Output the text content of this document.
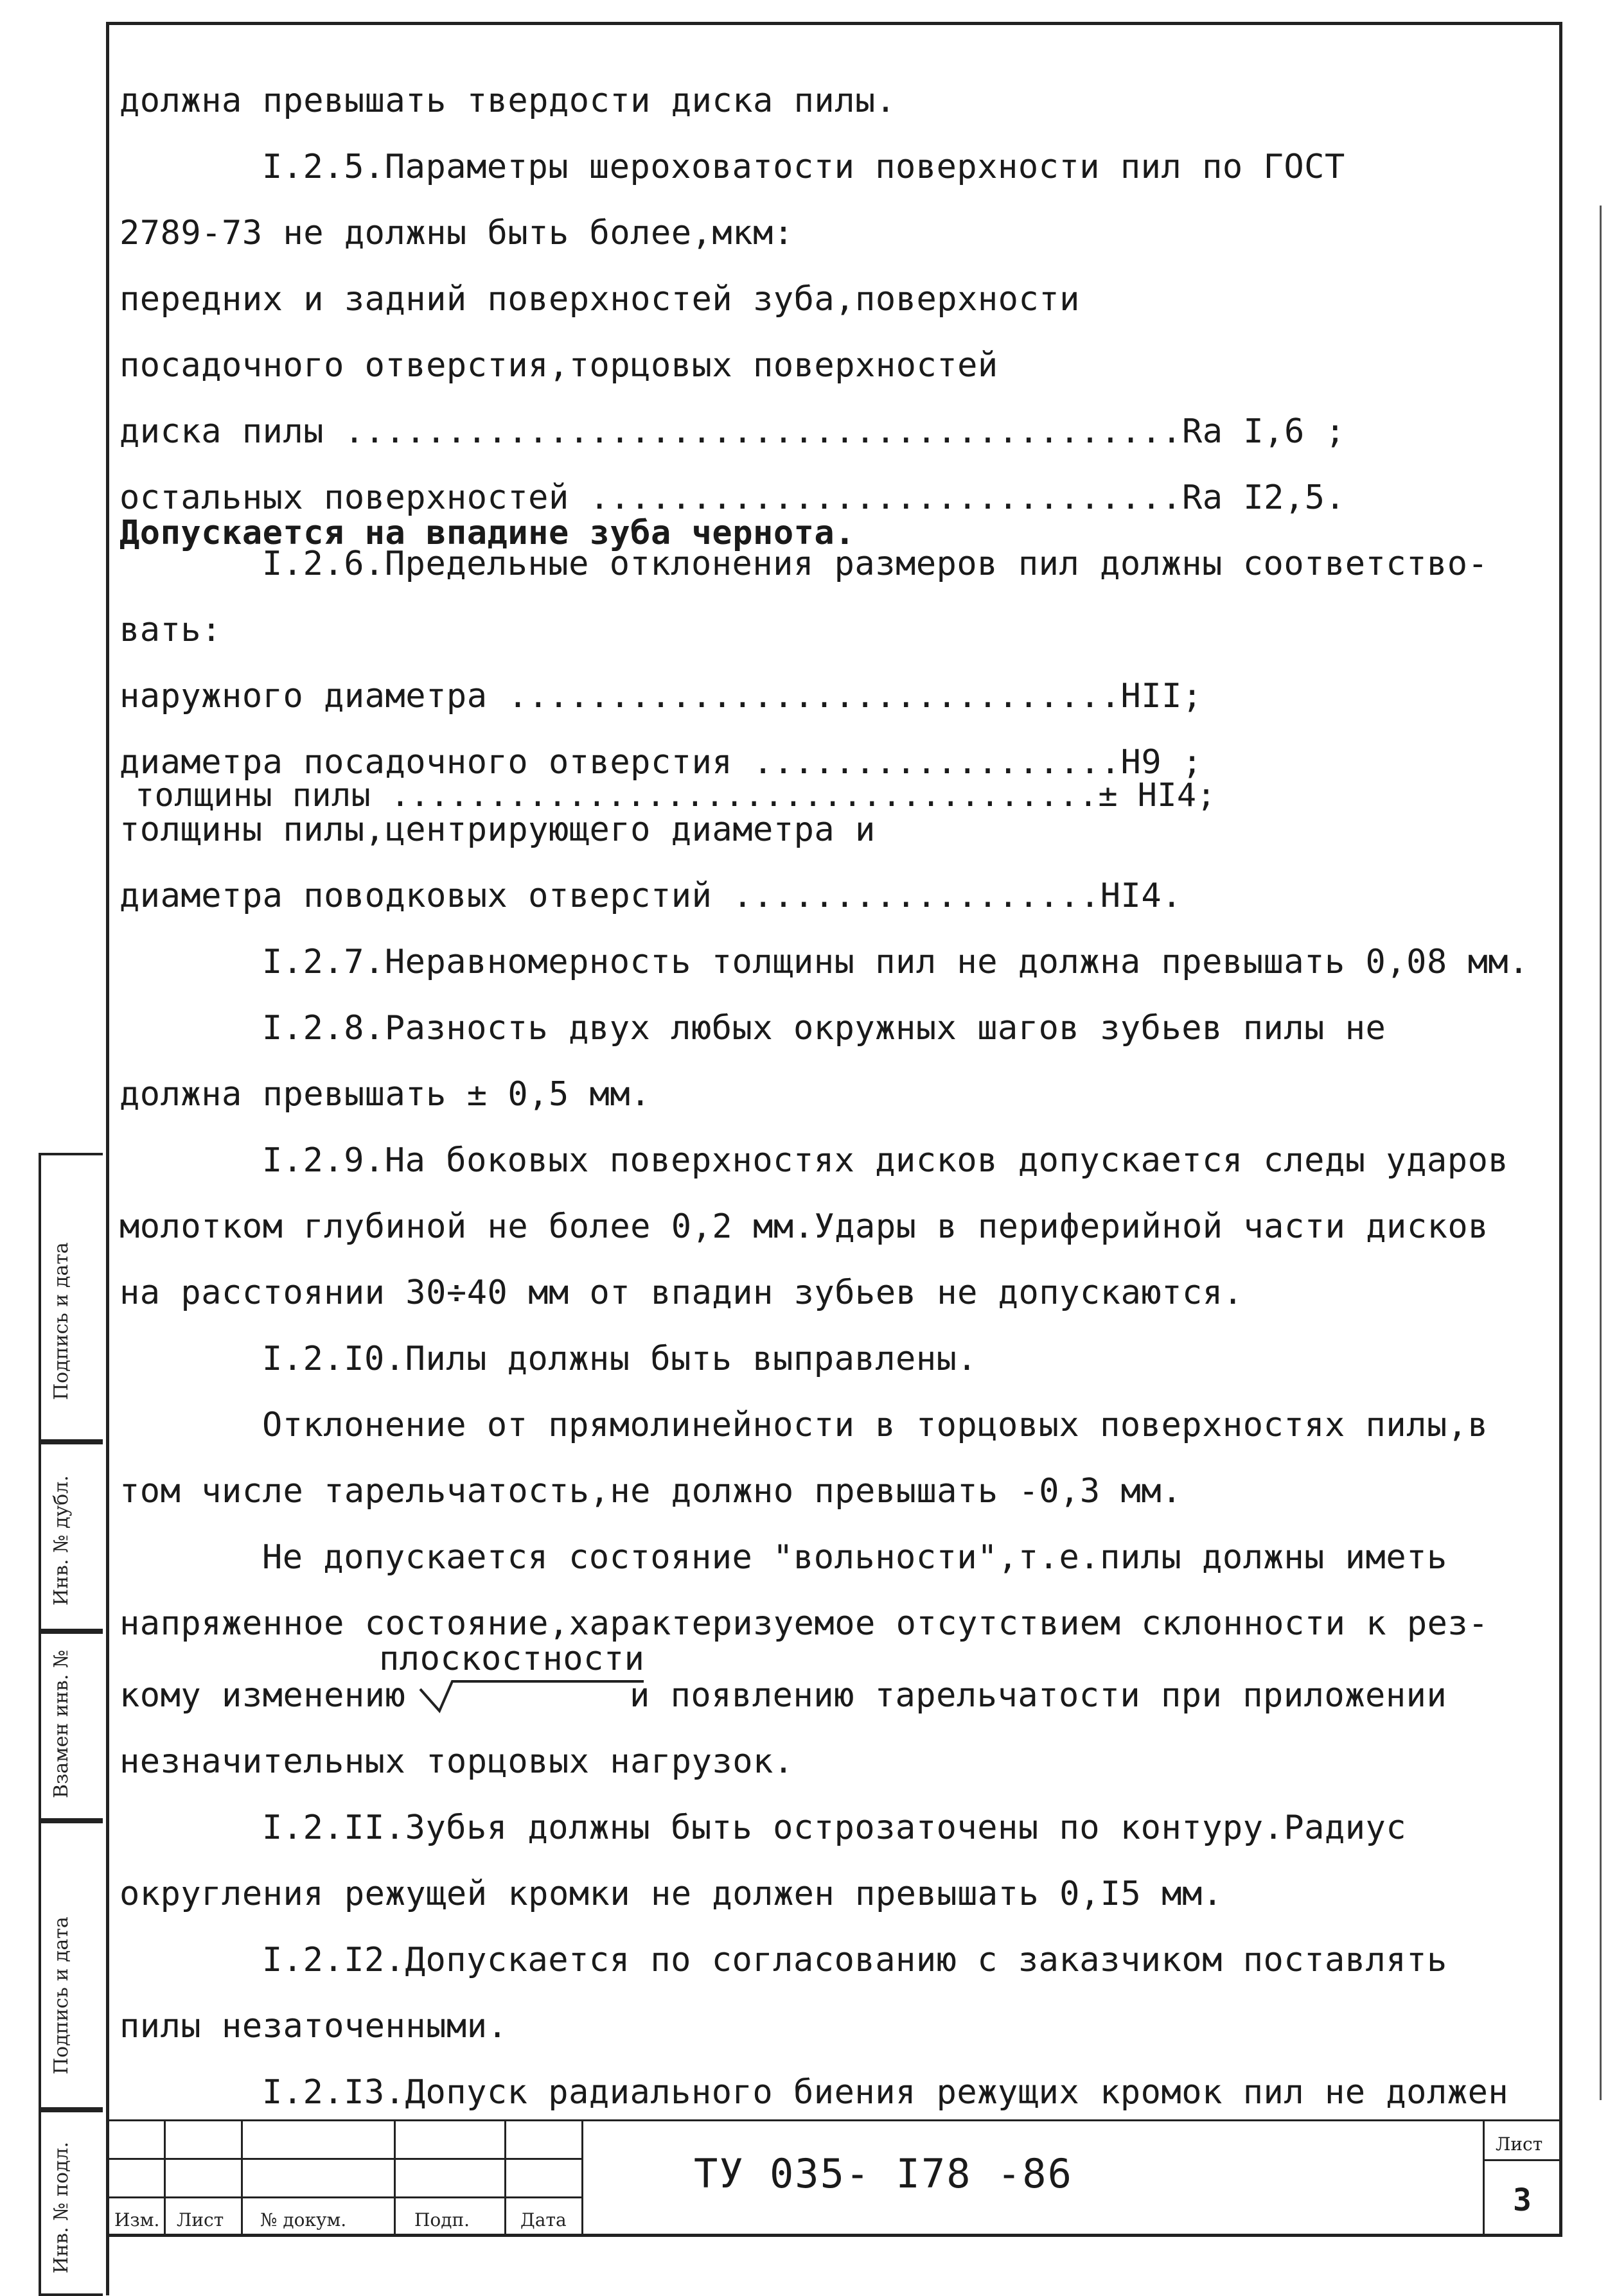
должна превышать твердости диска пилы.
I.2.5.Параметры шероховатости поверхности пил по ГОСТ
2789-73 не должны быть более,мкм:
передних и задний поверхностей зуба,поверхности
посадочного отверстия,торцовых поверхностей
диска пилы .........................................Ra I,6 ;
остальных поверхностей .............................Ra I2,5.
Допускается на впадине зуба чернота.
I.2.6.Предельные отклонения размеров пил должны соответство-
вать:
наружного диаметра ..............................HII;
диаметра посадочного отверстия ..................H9 ;
толщины пилы ....................................± HI4;
толщины пилы,центрирующего диаметра и
диаметра поводковых отверстий ..................HI4.
I.2.7.Неравномерность толщины пил не должна превышать 0,08 мм.
I.2.8.Разность двух любых окружных шагов зубьев пилы не
должна превышать ± 0,5 мм.
I.2.9.На боковых поверхностях дисков допускается следы ударов
молотком глубиной не более 0,2 мм.Удары в периферийной части дисков
на расстоянии 30÷40 мм от впадин зубьев не допускаются.
I.2.I0.Пилы должны быть выправлены.
Отклонение от прямолинейности в торцовых поверхностях пилы,в
том числе тарельчатость,не должно превышать -0,3 мм.
Не допускается состояние "вольности",т.е.пилы должны иметь
напряженное состояние,характеризуемое отсутствием склонности к рез-
плоскостности
кому изменению	и появлению тарельчатости при приложении
незначительных торцовых нагрузок.
I.2.II.Зубья должны быть острозаточены по контуру.Радиус
округления режущей кромки не должен превышать 0,I5 мм.
I.2.I2.Допускается по согласованию с заказчиком поставлять
пилы незаточенными.
I.2.I3.Допуск радиального биения режущих кромок пил не должен
Подпись и дата
Инв. № дубл.
Взамен инв. №
Подпись и дата
Инв. № подл. Изм. Лист № докум.	Подп.	Дата
ТУ 035- I78 -86
Лист
3
